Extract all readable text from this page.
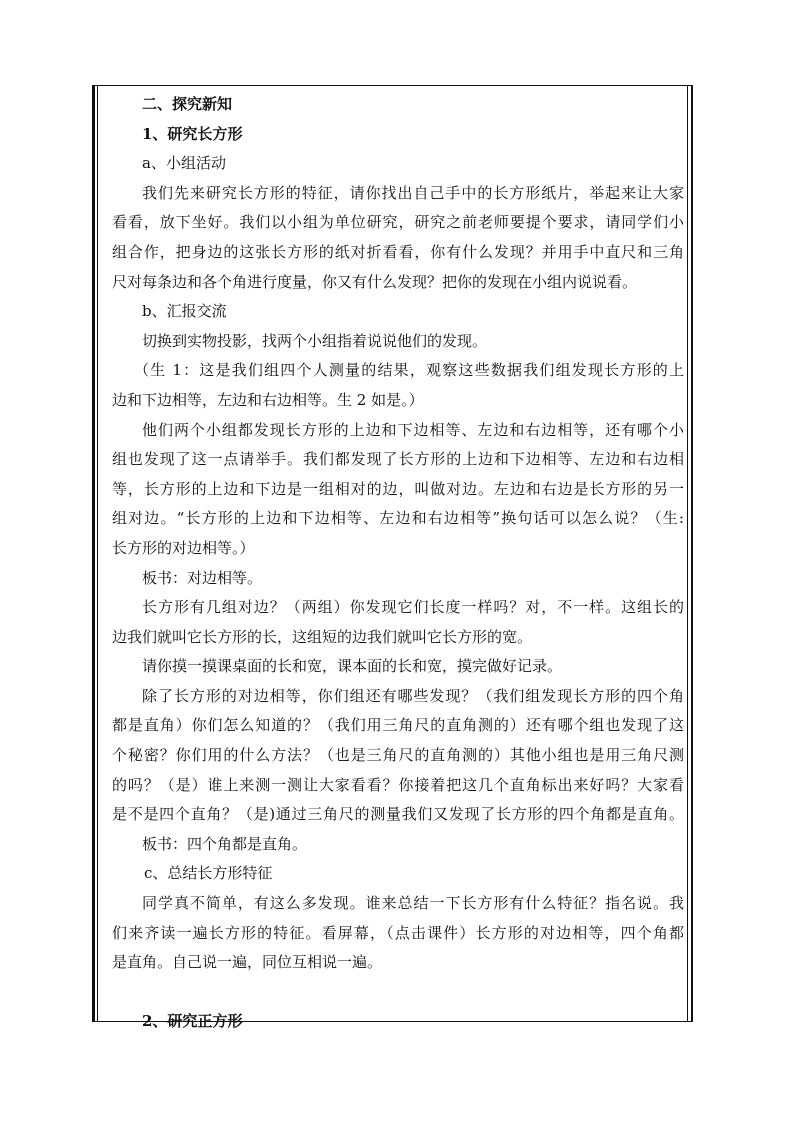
二、探究新知
1、研究长方形
a、小组活动
我们先来研究长方形的特征，请你找出自己手中的长方形纸片，举起来让大家
看看，放下坐好。我们以小组为单位研究，研究之前老师要提个要求，请同学们小
组合作，把身边的这张长方形的纸对折看看，你有什么发现？并用手中直尺和三角
尺对每条边和各个角进行度量，你又有什么发现？把你的发现在小组内说说看。
b、汇报交流
切换到实物投影，找两个小组指着说说他们的发现。
（生 1：这是我们组四个人测量的结果，观察这些数据我们组发现长方形的上
边和下边相等，左边和右边相等。生 2 如是。）
他们两个小组都发现长方形的上边和下边相等、左边和右边相等，还有哪个小
组也发现了这一点请举手。我们都发现了长方形的上边和下边相等、左边和右边相
等，长方形的上边和下边是一组相对的边，叫做对边。左边和右边是长方形的另一
组对边。“长方形的上边和下边相等、左边和右边相等”换句话可以怎么说？（生:
长方形的对边相等。）
板书：对边相等。
长方形有几组对边？（两组）你发现它们长度一样吗？对，不一样。这组长的
边我们就叫它长方形的长，这组短的边我们就叫它长方形的宽。
请你摸一摸课桌面的长和宽，课本面的长和宽，摸完做好记录。
除了长方形的对边相等，你们组还有哪些发现？（我们组发现长方形的四个角
都是直角）你们怎么知道的？（我们用三角尺的直角测的）还有哪个组也发现了这
个秘密？你们用的什么方法？（也是三角尺的直角测的）其他小组也是用三角尺测
的吗？（是）谁上来测一测让大家看看？你接着把这几个直角标出来好吗？大家看
是不是四个直角？（是)通过三角尺的测量我们又发现了长方形的四个角都是直角。
板书：四个角都是直角。
c、总结长方形特征
同学真不简单，有这么多发现。谁来总结一下长方形有什么特征？指名说。我
们来齐读一遍长方形的特征。看屏幕，（点击课件）长方形的对边相等，四个角都
是直角。自己说一遍，同位互相说一遍。
2、研究正方形
